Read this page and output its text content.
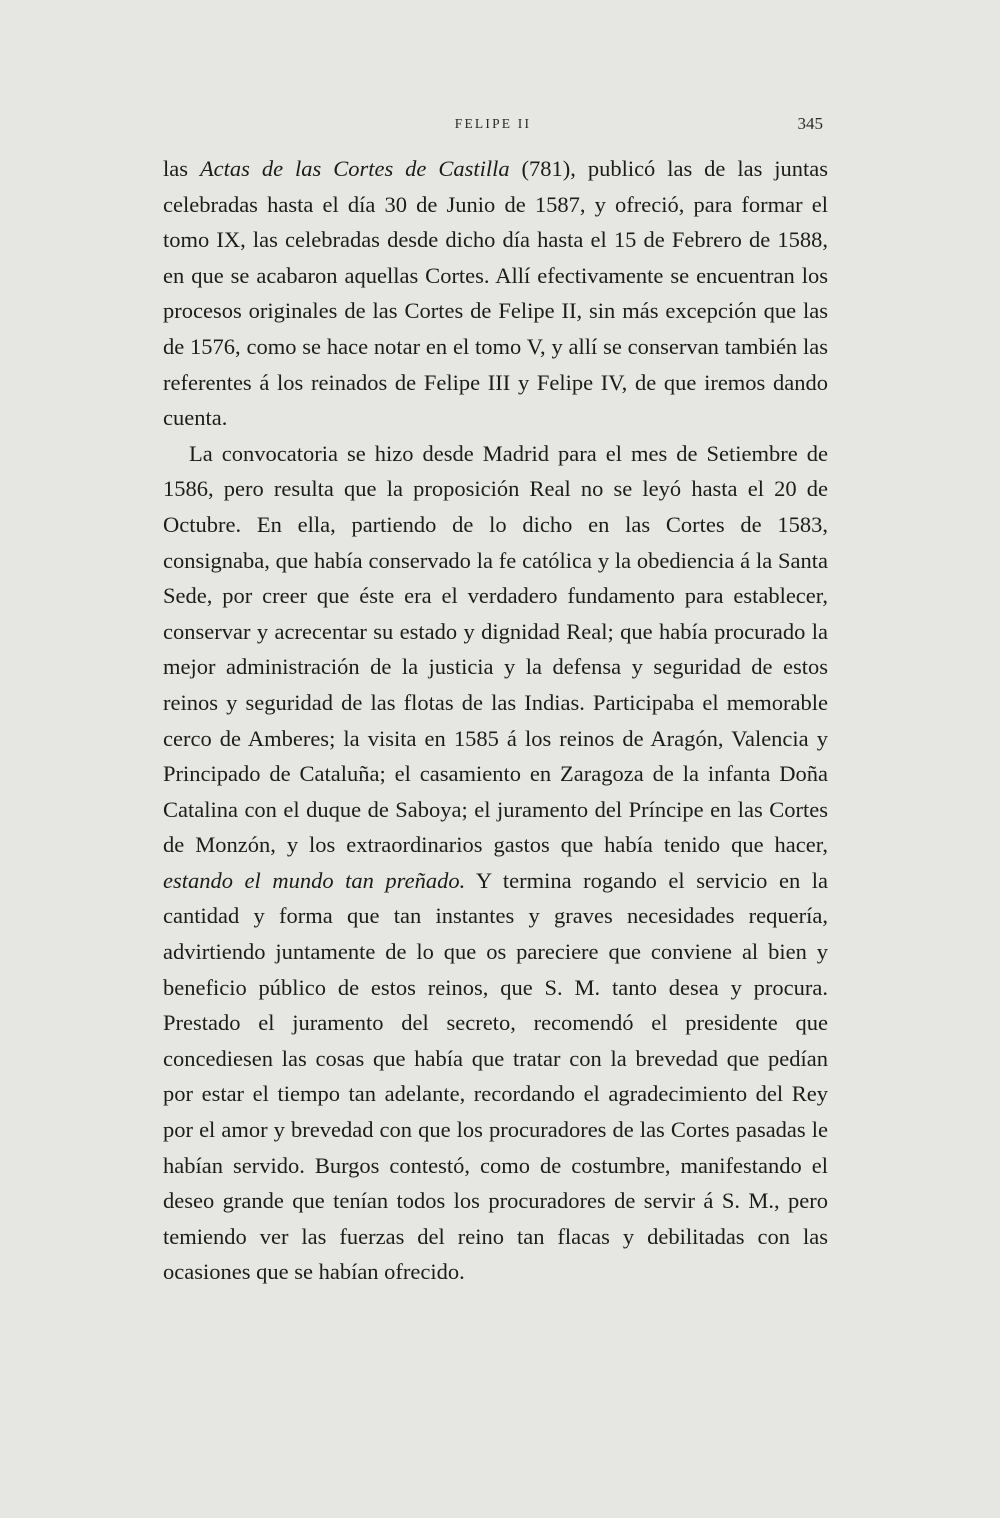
FELIPE II	345

las Actas de las Cortes de Castilla (781), publicó las de las juntas celebradas hasta el día 30 de Junio de 1587, y ofreció, para formar el tomo IX, las celebradas desde dicho día hasta el 15 de Febrero de 1588, en que se acabaron aquellas Cortes. Allí efectivamente se encuentran los procesos originales de las Cortes de Felipe II, sin más excepción que las de 1576, como se hace notar en el tomo V, y allí se conservan también las referentes á los reinados de Felipe III y Felipe IV, de que iremos dando cuenta.

La convocatoria se hizo desde Madrid para el mes de Setiembre de 1586, pero resulta que la proposición Real no se leyó hasta el 20 de Octubre. En ella, partiendo de lo dicho en las Cortes de 1583, consignaba, que había conservado la fe católica y la obediencia á la Santa Sede, por creer que éste era el verdadero fundamento para establecer, conservar y acrecentar su estado y dignidad Real; que había procurado la mejor administración de la justicia y la defensa y seguridad de estos reinos y seguridad de las flotas de las Indias. Participaba el memorable cerco de Amberes; la visita en 1585 á los reinos de Aragón, Valencia y Principado de Cataluña; el casamiento en Zaragoza de la infanta Doña Catalina con el duque de Saboya; el juramento del Príncipe en las Cortes de Monzón, y los extraordinarios gastos que había tenido que hacer, estando el mundo tan preñado. Y termina rogando el servicio en la cantidad y forma que tan instantes y graves necesidades requería, advirtiendo juntamente de lo que os pareciere que conviene al bien y beneficio público de estos reinos, que S. M. tanto desea y procura. Prestado el juramento del secreto, recomendó el presidente que concediesen las cosas que había que tratar con la brevedad que pedían por estar el tiempo tan adelante, recordando el agradecimiento del Rey por el amor y brevedad con que los procuradores de las Cortes pasadas le habían servido. Burgos contestó, como de costumbre, manifestando el deseo grande que tenían todos los procuradores de servir á S. M., pero temiendo ver las fuerzas del reino tan flacas y debilitadas con las ocasiones que se habían ofrecido.
